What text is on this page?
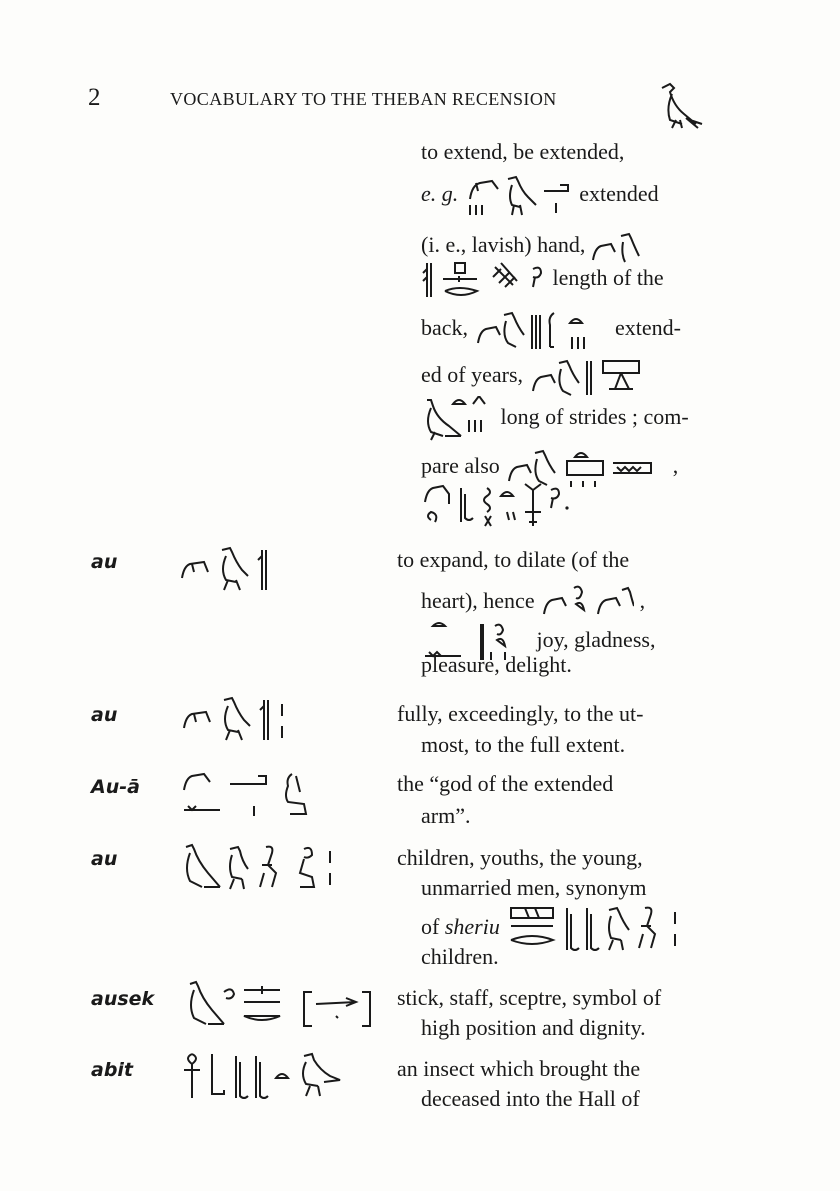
2	VOCABULARY TO THE THEBAN RECENSION
to extend, be extended,
e. g.	extended
(i. e., lavish) hand,
length of the
back,	extend-
ed of years,
long of strides ; com-
pare also	,
au	to expand, to dilate (of the
heart), hence	,
joy, gladness,
pleasure, delight.
au	fully, exceedingly, to the ut-
most, to the full extent.
Au-ā	the “god of the extended
arm”.
au	children, youths, the young,
unmarried men, synonym
of sheriu
children.
ausek	stick, staff, sceptre, symbol of
high position and dignity.
abit	an insect which brought the
deceased into the Hall of
